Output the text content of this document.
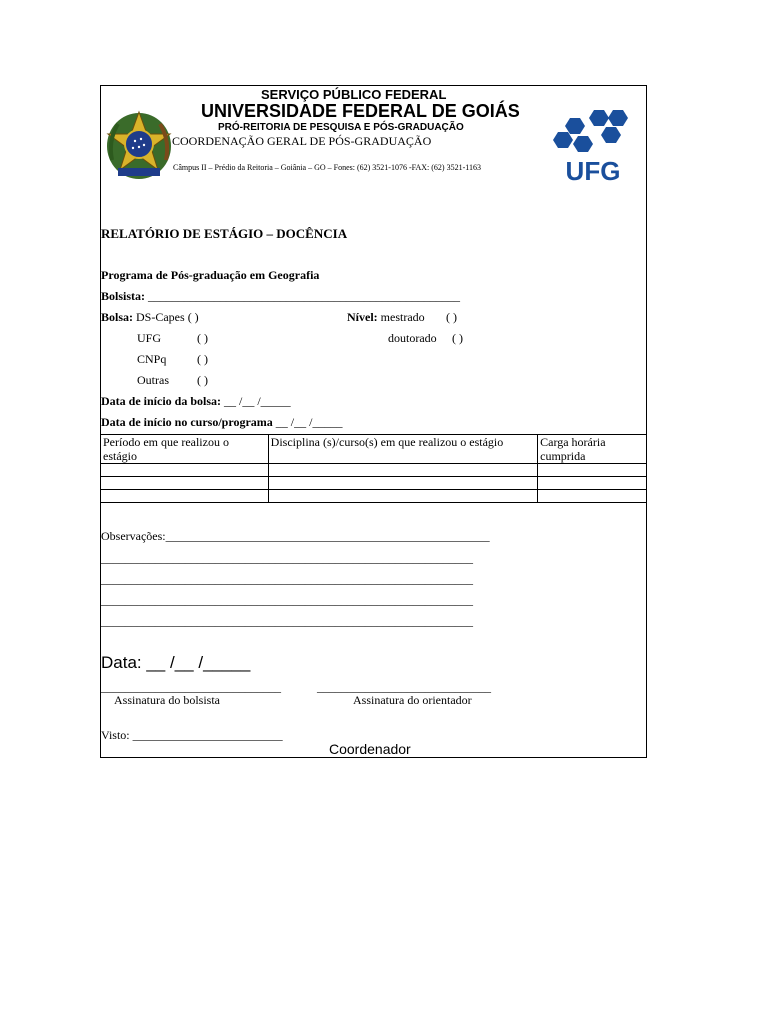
SERVIÇO PÚBLICO FEDERAL
UNIVERSIDADE FEDERAL DE GOIÁS
PRÓ-REITORIA DE PESQUISA E PÓS-GRADUAÇÃO
COORDENAÇÃO GERAL DE PÓS-GRADUAÇÃO
Câmpus II – Prédio da Reitoria – Goiânia – GO – Fones: (62) 3521-1076 -FAX: (62) 3521-1163	UFG
RELATÓRIO DE ESTÁGIO – DOCÊNCIA
Programa de Pós-graduação em Geografia
Bolsista: ____________________________________________________
Bolsa: DS-Capes ( )
UFG	( )
CNPq	( )
Outras ( )
Nível: mestrado ( )
doutorado ( )
Data de início da bolsa: __ /__ /_____
Data de início no curso/programa __ /__ /_____
Período em que realizou o estágio	Disciplina (s)/curso(s) em que realizou o estágio	Carga horária cumprida

Observações:______________________________________________________
______________________________________________________________
______________________________________________________________
______________________________________________________________
______________________________________________________________
Data: __ /__ /_____
______________________________	_____________________________
Assinatura do bolsista	Assinatura do orientador
Visto: _________________________
Coordenador
